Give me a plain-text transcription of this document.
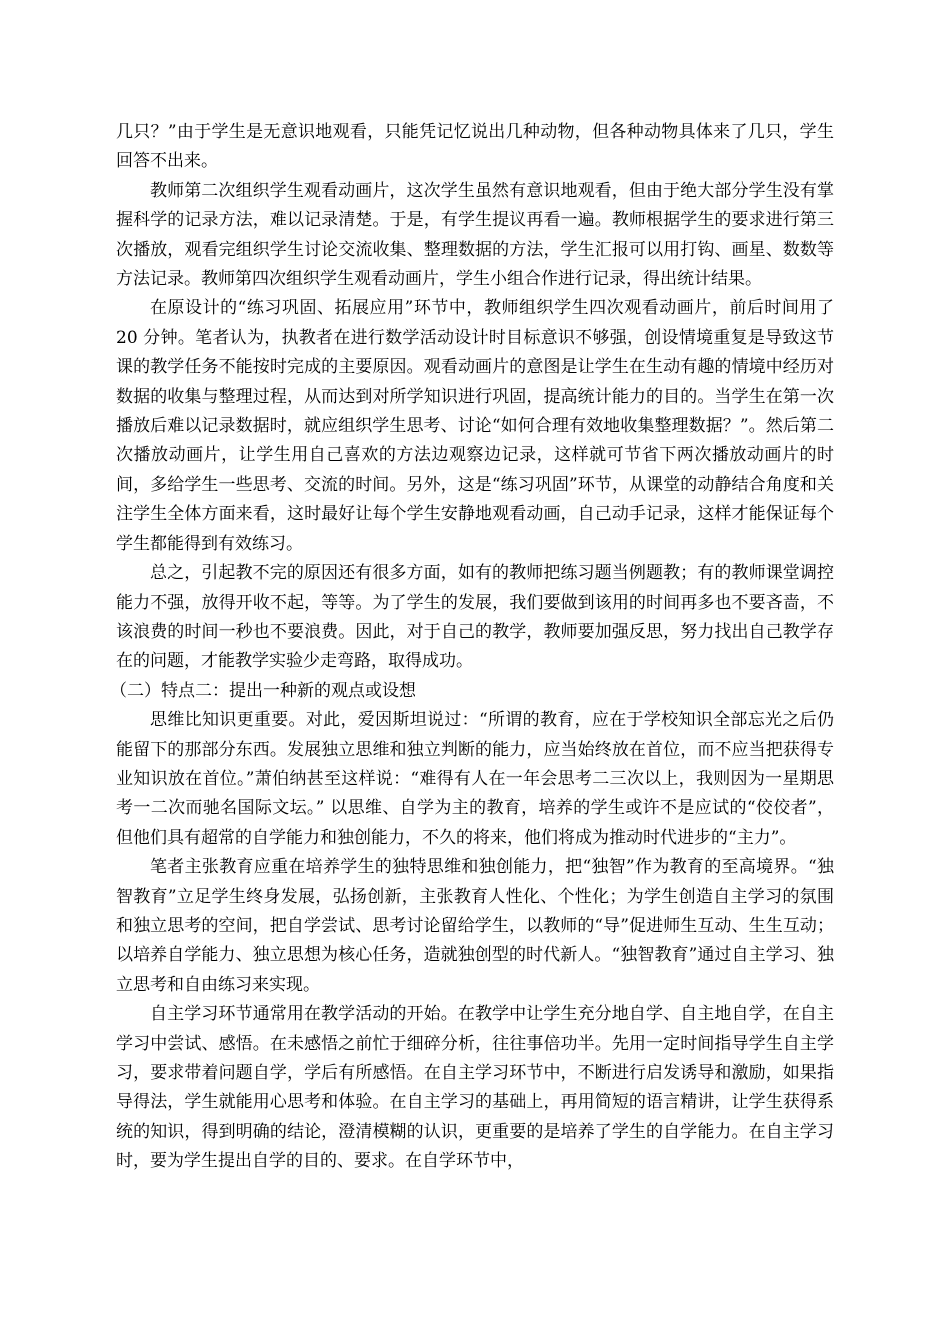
几只？”由于学生是无意识地观看，只能凭记忆说出几种动物，但各种动物具体来了几只，学生回答不出来。

教师第二次组织学生观看动画片，这次学生虽然有意识地观看，但由于绝大部分学生没有掌握科学的记录方法，难以记录清楚。于是，有学生提议再看一遍。教师根据学生的要求进行第三次播放，观看完组织学生讨论交流收集、整理数据的方法，学生汇报可以用打钩、画星、数数等方法记录。教师第四次组织学生观看动画片，学生小组合作进行记录，得出统计结果。

在原设计的“练习巩固、拓展应用”环节中，教师组织学生四次观看动画片，前后时间用了 20 分钟。笔者认为，执教者在进行数学活动设计时目标意识不够强，创设情境重复是导致这节课的教学任务不能按时完成的主要原因。观看动画片的意图是让学生在生动有趣的情境中经历对数据的收集与整理过程，从而达到对所学知识进行巩固，提高统计能力的目的。当学生在第一次播放后难以记录数据时，就应组织学生思考、讨论“如何合理有效地收集整理数据？”。然后第二次播放动画片，让学生用自己喜欢的方法边观察边记录，这样就可节省下两次播放动画片的时间，多给学生一些思考、交流的时间。另外，这是“练习巩固”环节，从课堂的动静结合角度和关注学生全体方面来看，这时最好让每个学生安静地观看动画，自己动手记录，这样才能保证每个学生都能得到有效练习。

总之，引起教不完的原因还有很多方面，如有的教师把练习题当例题教；有的教师课堂调控能力不强，放得开收不起，等等。为了学生的发展，我们要做到该用的时间再多也不要吝啬，不该浪费的时间一秒也不要浪费。因此，对于自己的教学，教师要加强反思，努力找出自己教学存在的问题，才能教学实验少走弯路，取得成功。

（二）特点二：提出一种新的观点或设想

思维比知识更重要。对此，爱因斯坦说过：“所谓的教育，应在于学校知识全部忘光之后仍能留下的那部分东西。发展独立思维和独立判断的能力，应当始终放在首位，而不应当把获得专业知识放在首位。”萧伯纳甚至这样说：“难得有人在一年会思考二三次以上，我则因为一星期思考一二次而驰名国际文坛。” 以思维、自学为主的教育，培养的学生或许不是应试的“佼佼者”，但他们具有超常的自学能力和独创能力，不久的将来，他们将成为推动时代进步的“主力”。

笔者主张教育应重在培养学生的独特思维和独创能力，把“独智”作为教育的至高境界。“独智教育”立足学生终身发展，弘扬创新，主张教育人性化、个性化；为学生创造自主学习的氛围和独立思考的空间，把自学尝试、思考讨论留给学生，以教师的“导”促进师生互动、生生互动；以培养自学能力、独立思想为核心任务，造就独创型的时代新人。“独智教育”通过自主学习、独立思考和自由练习来实现。

自主学习环节通常用在教学活动的开始。在教学中让学生充分地自学、自主地自学，在自主学习中尝试、感悟。在未感悟之前忙于细碎分析，往往事倍功半。先用一定时间指导学生自主学习，要求带着问题自学，学后有所感悟。在自主学习环节中，不断进行启发诱导和激励，如果指导得法，学生就能用心思考和体验。在自主学习的基础上，再用简短的语言精讲，让学生获得系统的知识，得到明确的结论，澄清模糊的认识，更重要的是培养了学生的自学能力。在自主学习时，要为学生提出自学的目的、要求。在自学环节中，
